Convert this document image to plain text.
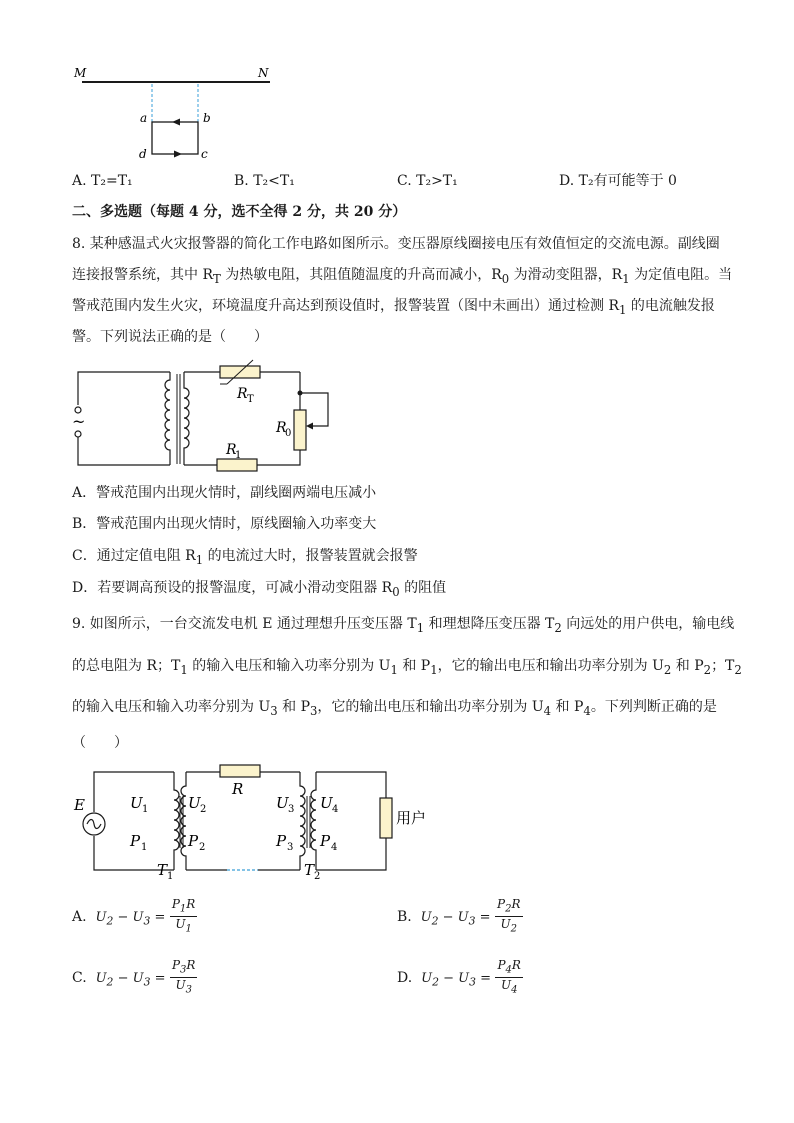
M	N
a	b
c
d
A. T₂=T₁	B. T₂<T₁	C. T₂>T₁	D. T₂有可能等于 0
二、多选题（每题 4 分，选不全得 2 分，共 20 分）
8. 某种感温式火灾报警器的简化工作电路如图所示。变压器原线圈接电压有效值恒定的交流电源。副线圈
连接报警系统，其中 $R_T$ 为热敏电阻，其阻值随温度的升高而减小，$R_0$ 为滑动变阻器，$R_1$ 为定值电阻。当
警戒范围内发生火灾，环境温度升高达到预设值时，报警装置（图中未画出）通过检测 $R_1$ 的电流触发报
警。下列说法正确的是（　　）
~
R T
R
0
R
1
A．警戒范围内出现火情时，副线圈两端电压减小
B．警戒范围内出现火情时，原线圈输入功率变大
C．通过定值电阻 $R_1$ 的电流过大时，报警装置就会报警
D．若要调高预设的报警温度，可减小滑动变阻器 $R_0$ 的阻值
9. 如图所示，一台交流发电机 E 通过理想升压变压器 $T_1$ 和理想降压变压器 $T_2$ 向远处的用户供电，输电线
的总电阻为 R；$T_1$ 的输入电压和输入功率分别为 $U_1$ 和 $P_1$，它的输出电压和输出功率分别为 $U_2$ 和 $P_2$；$T_2$
的输入电压和输入功率分别为 $U_3$ 和 $P_3$，它的输出电压和输出功率分别为 $U_4$ 和 $P_4$。下列判断正确的是
（　　）
E	U 1
P 1
U 2
P 2
T 1
R
U 3
P 3
U 4
P 4
T 2
用户
A. $U_2 - U_3 = \frac{P_1R}{U_1}$	B. $U_2 - U_3 = \frac{P_2R}{U_2}$
C. $U_2 - U_3 = \frac{P_3R}{U_3}$	D. $U_2 - U_3 = \frac{P_4R}{U_4}$
